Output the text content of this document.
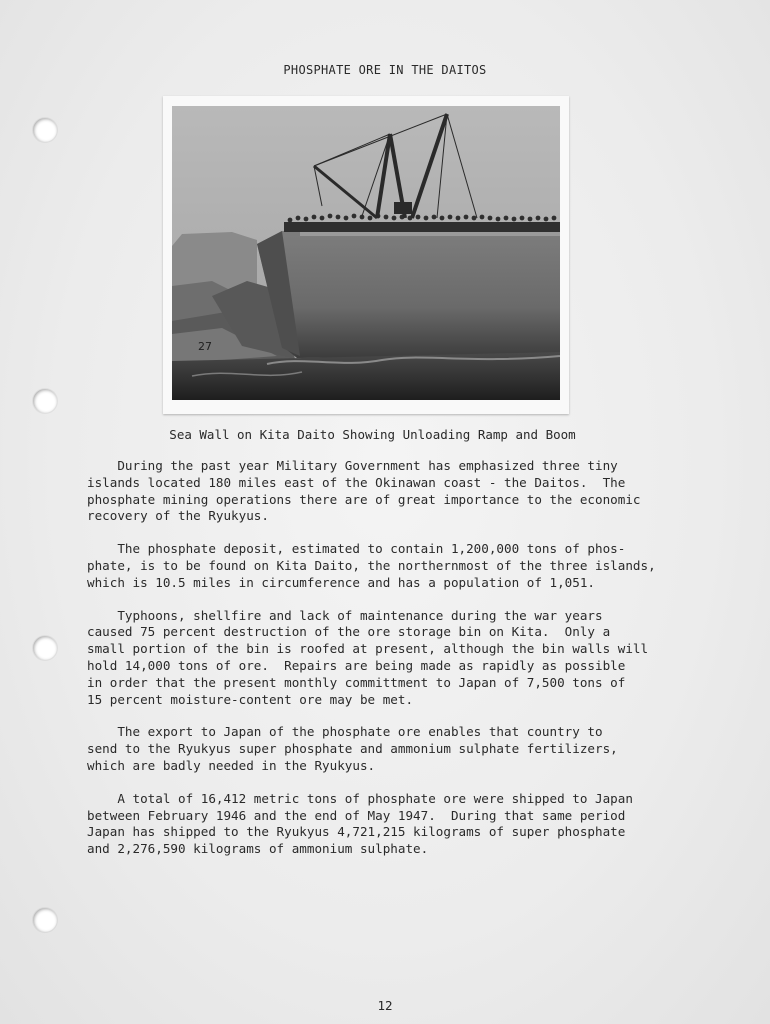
PHOSPHATE ORE IN THE DAITOS
27
Sea Wall on Kita Daito Showing Unloading Ramp and Boom

During the past year Military Government has emphasized three tiny
islands located 180 miles east of the Okinawan coast - the Daitos.  The
phosphate mining operations there are of great importance to the economic
recovery of the Ryukyus.

The phosphate deposit, estimated to contain 1,200,000 tons of phos-
phate, is to be found on Kita Daito, the northernmost of the three islands,
which is 10.5 miles in circumference and has a population of 1,051.

Typhoons, shellfire and lack of maintenance during the war years
caused 75 percent destruction of the ore storage bin on Kita.  Only a
small portion of the bin is roofed at present, although the bin walls will
hold 14,000 tons of ore.  Repairs are being made as rapidly as possible
in order that the present monthly committment to Japan of 7,500 tons of
15 percent moisture-content ore may be met.

The export to Japan of the phosphate ore enables that country to
send to the Ryukyus super phosphate and ammonium sulphate fertilizers,
which are badly needed in the Ryukyus.

A total of 16,412 metric tons of phosphate ore were shipped to Japan
between February 1946 and the end of May 1947.  During that same period
Japan has shipped to the Ryukyus 4,721,215 kilograms of super phosphate
and 2,276,590 kilograms of ammonium sulphate.

12
